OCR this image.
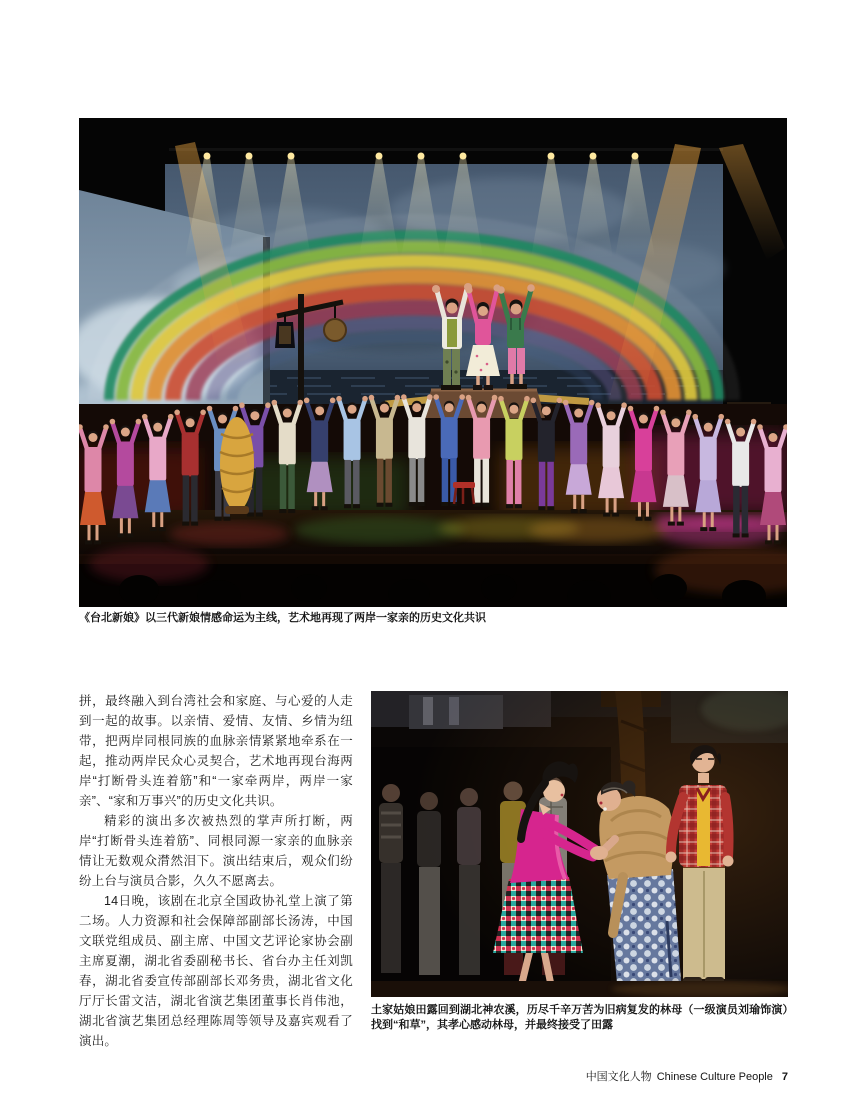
《台北新娘》以三代新娘情感命运为主线，艺术地再现了两岸一家亲的历史文化共识

拼，最终融入到台湾社会和家庭、与心爱的人走到一起的故事。以亲情、爱情、友情、乡情为纽带，把两岸同根同族的血脉亲情紧紧地牵系在一起，推动两岸民众心灵契合，艺术地再现台海两岸“打断骨头连着筋”和“一家牵两岸，两岸一家亲”、“家和万事兴”的历史文化共识。

精彩的演出多次被热烈的掌声所打断，两岸“打断骨头连着筋”、同根同源一家亲的血脉亲情让无数观众潸然泪下。演出结束后，观众们纷纷上台与演员合影，久久不愿离去。

14日晚，该剧在北京全国政协礼堂上演了第二场。人力资源和社会保障部副部长汤涛，中国文联党组成员、副主席、中国文艺评论家协会副主席夏潮，湖北省委副秘书长、省台办主任刘凯春，湖北省委宣传部副部长邓务贵，湖北省文化厅厅长雷文洁，湖北省演艺集团董事长肖伟池，湖北省演艺集团总经理陈周等领导及嘉宾观看了演出。

土家姑娘田露回到湖北神农溪，历尽千辛万苦为旧病复发的林母（一级演员刘瑜饰演）找到“和草”，其孝心感动林母，并最终接受了田露
中国文化人物 Chinese Culture People 7
